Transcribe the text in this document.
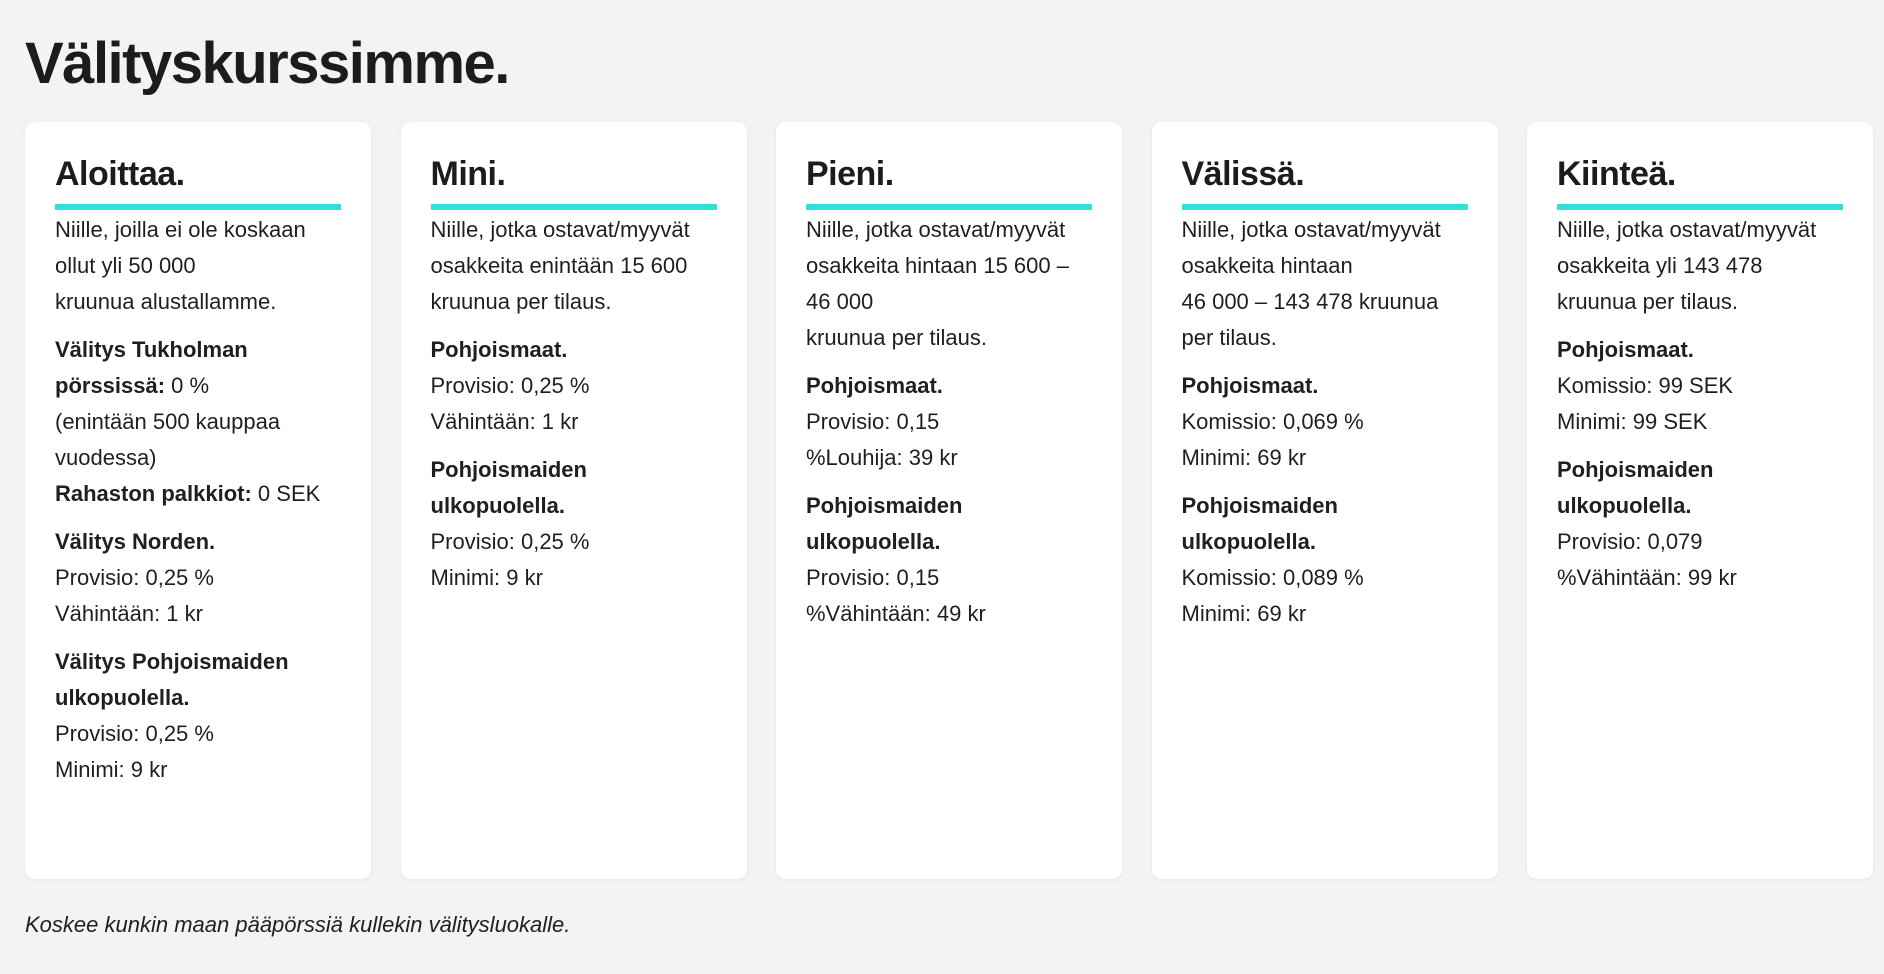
Välityskurssimme.
Aloittaa.
Niille, joilla ei ole koskaan
ollut yli 50 000
kruunua alustallamme.
Välitys Tukholman
pörssissä: 0 %
(enintään 500 kauppaa
vuodessa)
Rahaston palkkiot: 0 SEK
Välitys Norden.
Provisio: 0,25 %
Vähintään: 1 kr
Välitys Pohjoismaiden
ulkopuolella.
Provisio: 0,25 %
Minimi: 9 kr
Mini.
Niille, jotka ostavat/myyvät
osakkeita enintään 15 600
kruunua per tilaus.
Pohjoismaat.
Provisio: 0,25 %
Vähintään: 1 kr
Pohjoismaiden
ulkopuolella.
Provisio: 0,25 %
Minimi: 9 kr
Pieni.
Niille, jotka ostavat/myyvät
osakkeita hintaan 15 600 –
46 000
kruunua per tilaus.
Pohjoismaat.
Provisio: 0,15
%Louhija: 39 kr
Pohjoismaiden
ulkopuolella.
Provisio: 0,15
%Vähintään: 49 kr
Välissä.
Niille, jotka ostavat/myyvät
osakkeita hintaan
46 000 – 143 478 kruunua
per tilaus.
Pohjoismaat.
Komissio: 0,069 %
Minimi: 69 kr
Pohjoismaiden
ulkopuolella.
Komissio: 0,089 %
Minimi: 69 kr
Kiinteä.
Niille, jotka ostavat/myyvät
osakkeita yli 143 478
kruunua per tilaus.
Pohjoismaat.
Komissio: 99 SEK
Minimi: 99 SEK
Pohjoismaiden
ulkopuolella.
Provisio: 0,079
%Vähintään: 99 kr
Koskee kunkin maan pääpörssiä kullekin välitysluokalle.
